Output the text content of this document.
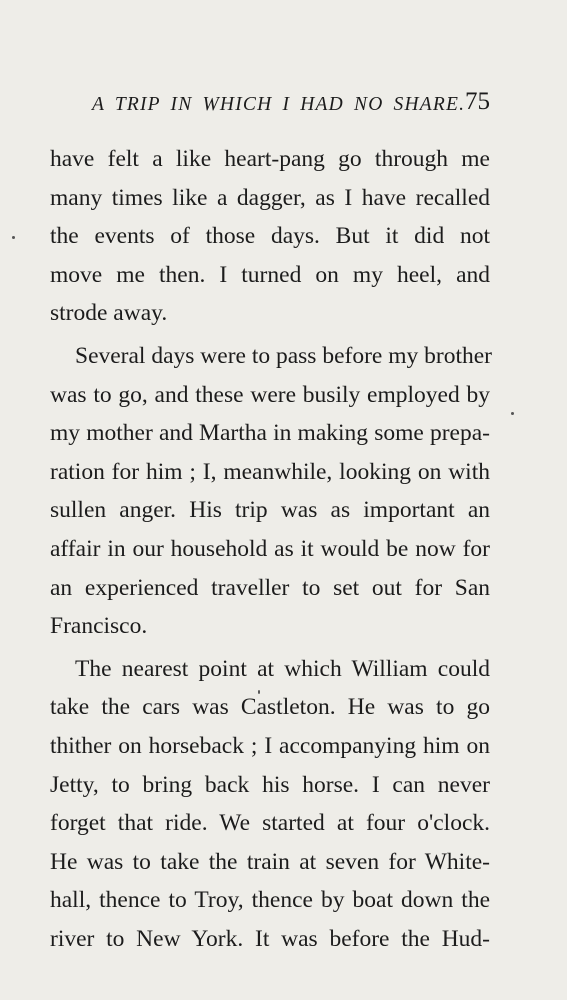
A TRIP IN WHICH I HAD NO SHARE. 75
have felt a like heart-pang go through me
many times like a dagger, as I have recalled
the events of those days. But it did not
move me then. I turned on my heel, and
strode away.
Several days were to pass before my brother
was to go, and these were busily employed by
my mother and Martha in making some prepa-
ration for him ; I, meanwhile, looking on with
sullen anger. His trip was as important an
affair in our household as it would be now for
an experienced traveller to set out for San
Francisco.
The nearest point at which William could
take the cars was Castleton. He was to go
thither on horseback ; I accompanying him on
Jetty, to bring back his horse. I can never
forget that ride. We started at four o'clock.
He was to take the train at seven for White-
hall, thence to Troy, thence by boat down the
river to New York. It was before the Hud-
